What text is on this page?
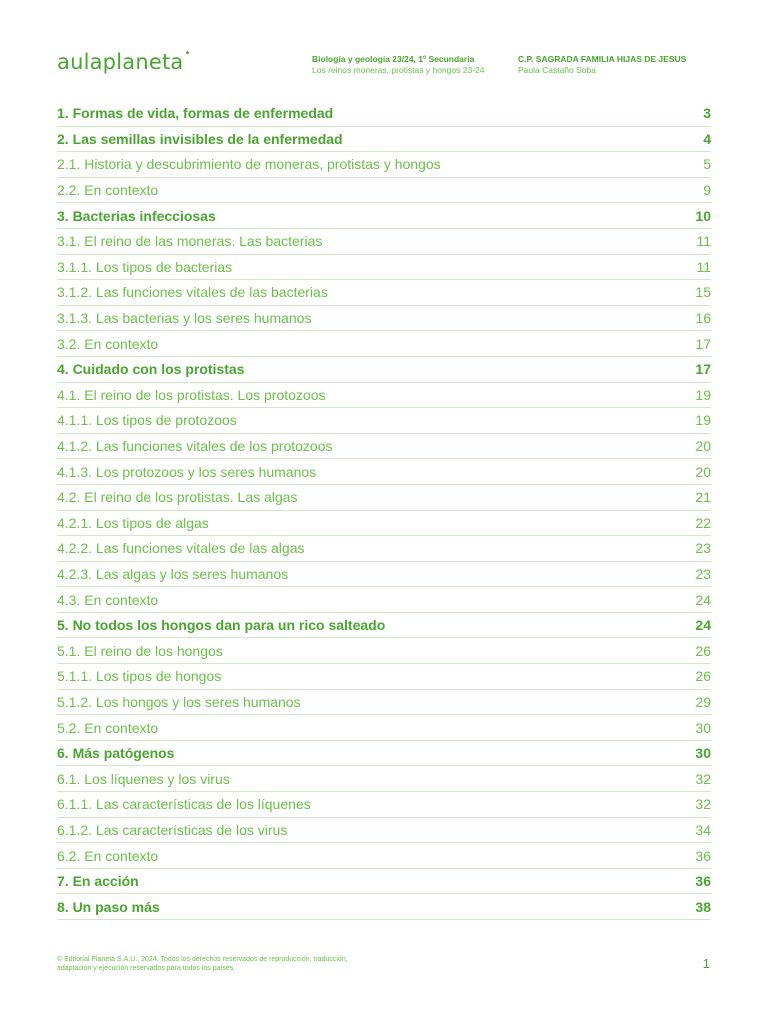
aulaplaneta•	Biología y geología 23/24, 1º Secundaria
Los reinos moneras, protistas y hongos 23-24
C.P. SAGRADA FAMILIA HIJAS DE JESUS
Paula Castaño Soba
1. Formas de vida, formas de enfermedad	3
2. Las semillas invisibles de la enfermedad	4
2.1. Historia y descubrimiento de moneras, protistas y hongos	5
2.2. En contexto	9
3. Bacterias infecciosas	10
3.1. El reino de las moneras. Las bacterias	11
3.1.1. Los tipos de bacterias	11
3.1.2. Las funciones vitales de las bacterias	15
3.1.3. Las bacterias y los seres humanos	16
3.2. En contexto	17
4. Cuidado con los protistas	17
4.1. El reino de los protistas. Los protozoos	19
4.1.1. Los tipos de protozoos	19
4.1.2. Las funciones vitales de los protozoos	20
4.1.3. Los protozoos y los seres humanos	20
4.2. El reino de los protistas. Las algas	21
4.2.1. Los tipos de algas	22
4.2.2. Las funciones vitales de las algas	23
4.2.3. Las algas y los seres humanos	23
4.3. En contexto	24
5. No todos los hongos dan para un rico salteado	24
5.1. El reino de los hongos	26
5.1.1. Los tipos de hongos	26
5.1.2. Los hongos y los seres humanos	29
5.2. En contexto	30
6. Más patógenos	30
6.1. Los líquenes y los virus	32
6.1.1. Las características de los líquenes	32
6.1.2. Las características de los virus	34
6.2. En contexto	36
7. En acción	36
8. Un paso más	38
© Editorial Planeta S.A.U., 2024. Todos los derechos reservados de reproducción, traducción, adaptación y ejecución reservados para todos los países.	1
